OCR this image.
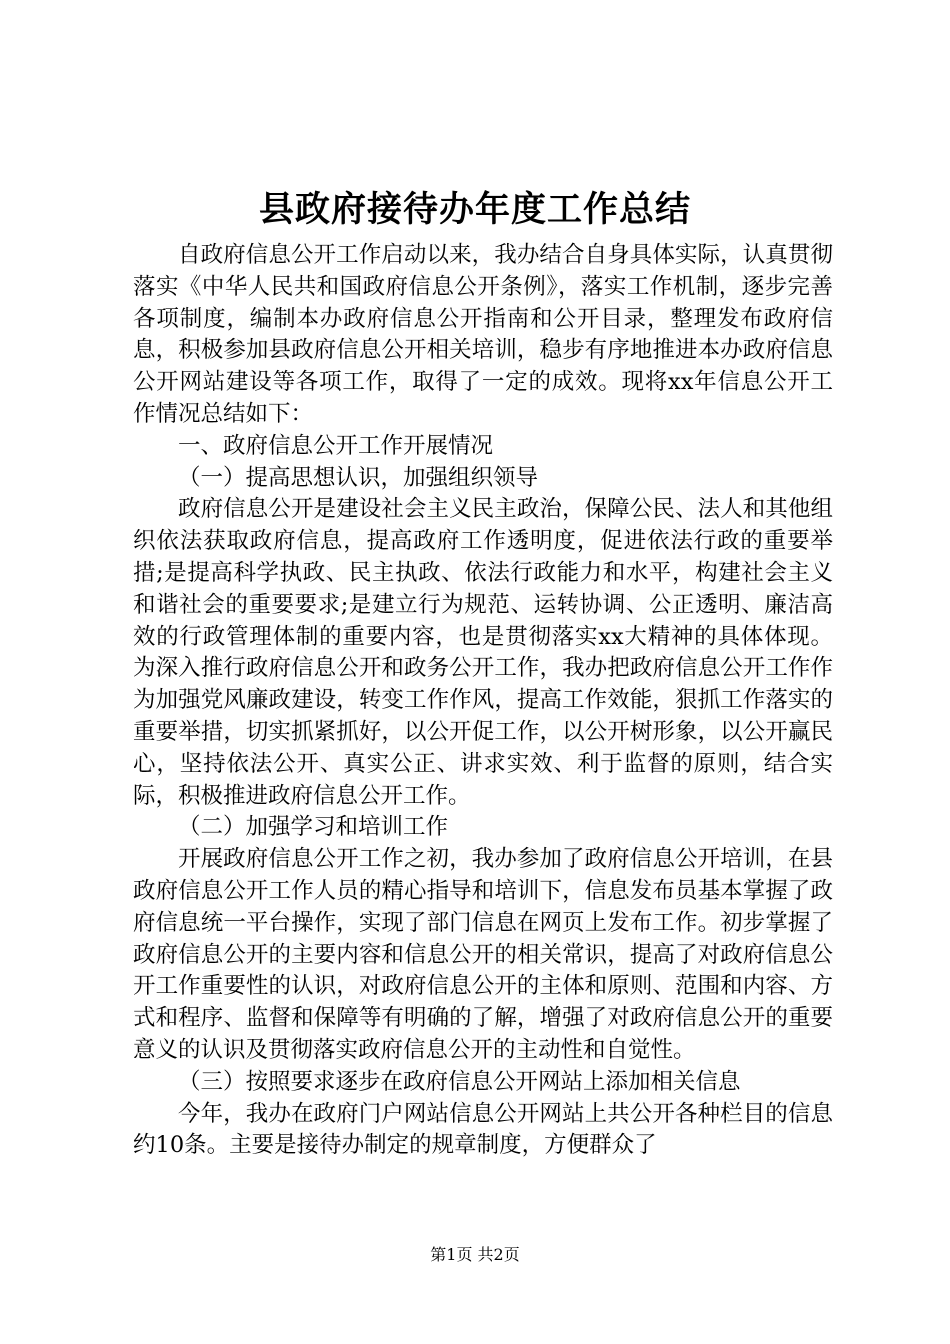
县政府接待办年度工作总结

自政府信息公开工作启动以来，我办结合自身具体实际，认真贯彻落实《中华人民共和国政府信息公开条例》，落实工作机制，逐步完善各项制度，编制本办政府信息公开指南和公开目录，整理发布政府信息，积极参加县政府信息公开相关培训，稳步有序地推进本办政府信息公开网站建设等各项工作，取得了一定的成效。现将xx年信息公开工作情况总结如下：

一、政府信息公开工作开展情况

（一）提高思想认识，加强组织领导

政府信息公开是建设社会主义民主政治，保障公民、法人和其他组织依法获取政府信息，提高政府工作透明度，促进依法行政的重要举措;是提高科学执政、民主执政、依法行政能力和水平，构建社会主义和谐社会的重要要求;是建立行为规范、运转协调、公正透明、廉洁高效的行政管理体制的重要内容，也是贯彻落实xx大精神的具体体现。为深入推行政府信息公开和政务公开工作，我办把政府信息公开工作作为加强党风廉政建设，转变工作作风，提高工作效能，狠抓工作落实的重要举措，切实抓紧抓好，以公开促工作，以公开树形象，以公开赢民心，坚持依法公开、真实公正、讲求实效、利于监督的原则，结合实际，积极推进政府信息公开工作。

（二）加强学习和培训工作

开展政府信息公开工作之初，我办参加了政府信息公开培训，在县政府信息公开工作人员的精心指导和培训下，信息发布员基本掌握了政府信息统一平台操作，实现了部门信息在网页上发布工作。初步掌握了政府信息公开的主要内容和信息公开的相关常识，提高了对政府信息公开工作重要性的认识，对政府信息公开的主体和原则、范围和内容、方式和程序、监督和保障等有明确的了解，增强了对政府信息公开的重要意义的认识及贯彻落实政府信息公开的主动性和自觉性。

（三）按照要求逐步在政府信息公开网站上添加相关信息

今年，我办在政府门户网站信息公开网站上共公开各种栏目的信息约10条。主要是接待办制定的规章制度，方便群众了

第1页 共2页
